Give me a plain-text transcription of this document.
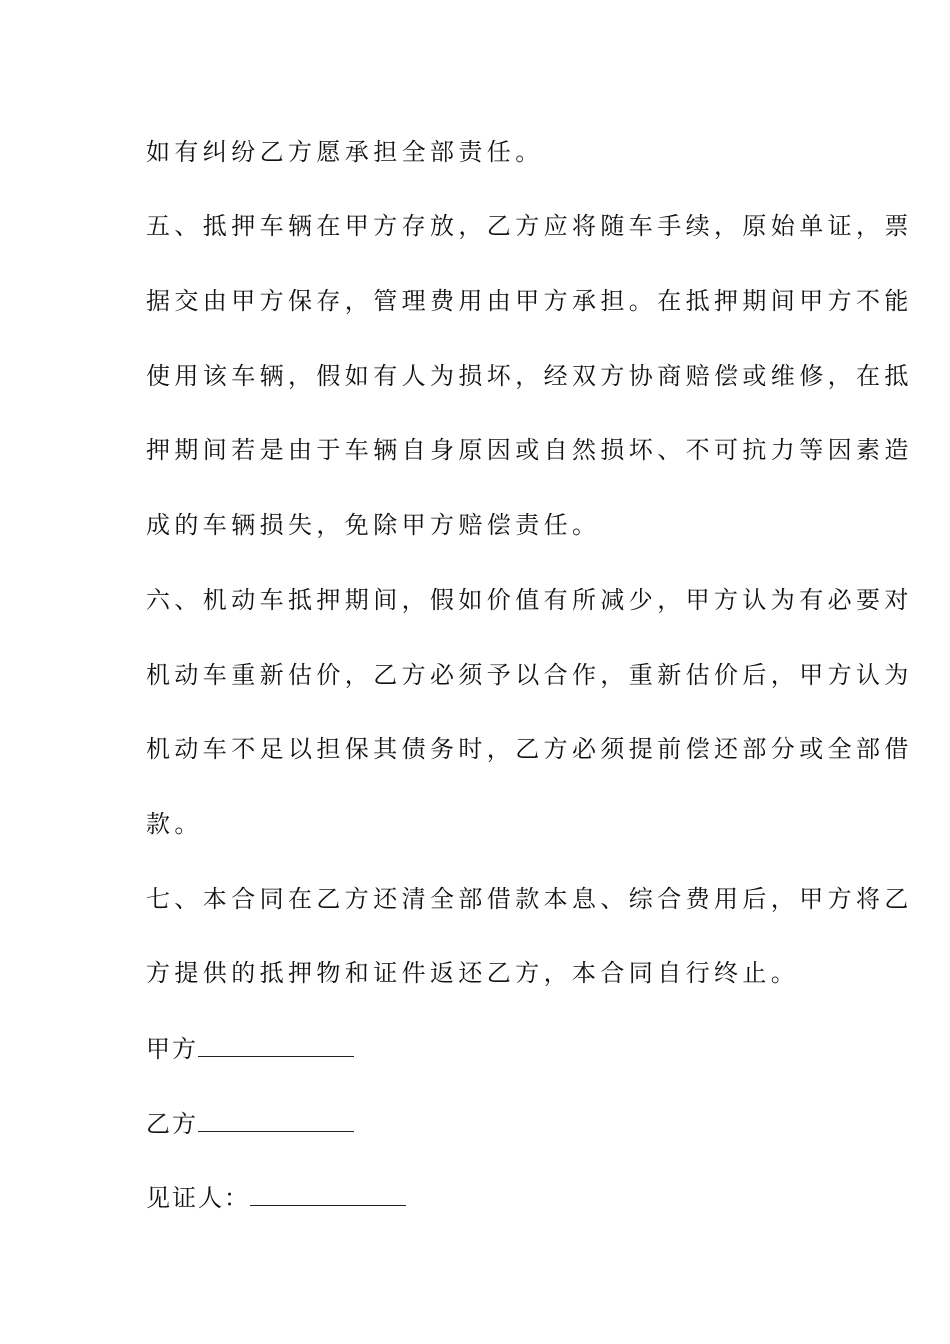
如有纠纷乙方愿承担全部责任。
五、抵押车辆在甲方存放，乙方应将随车手续，原始单证，票
据交由甲方保存，管理费用由甲方承担。在抵押期间甲方不能
使用该车辆，假如有人为损坏，经双方协商赔偿或维修，在抵
押期间若是由于车辆自身原因或自然损坏、不可抗力等因素造
成的车辆损失，免除甲方赔偿责任。
六、机动车抵押期间，假如价值有所减少，甲方认为有必要对
机动车重新估价，乙方必须予以合作，重新估价后，甲方认为
机动车不足以担保其债务时，乙方必须提前偿还部分或全部借
款。
七、本合同在乙方还清全部借款本息、综合费用后，甲方将乙
方提供的抵押物和证件返还乙方，本合同自行终止。
甲方
乙方
见证人：
